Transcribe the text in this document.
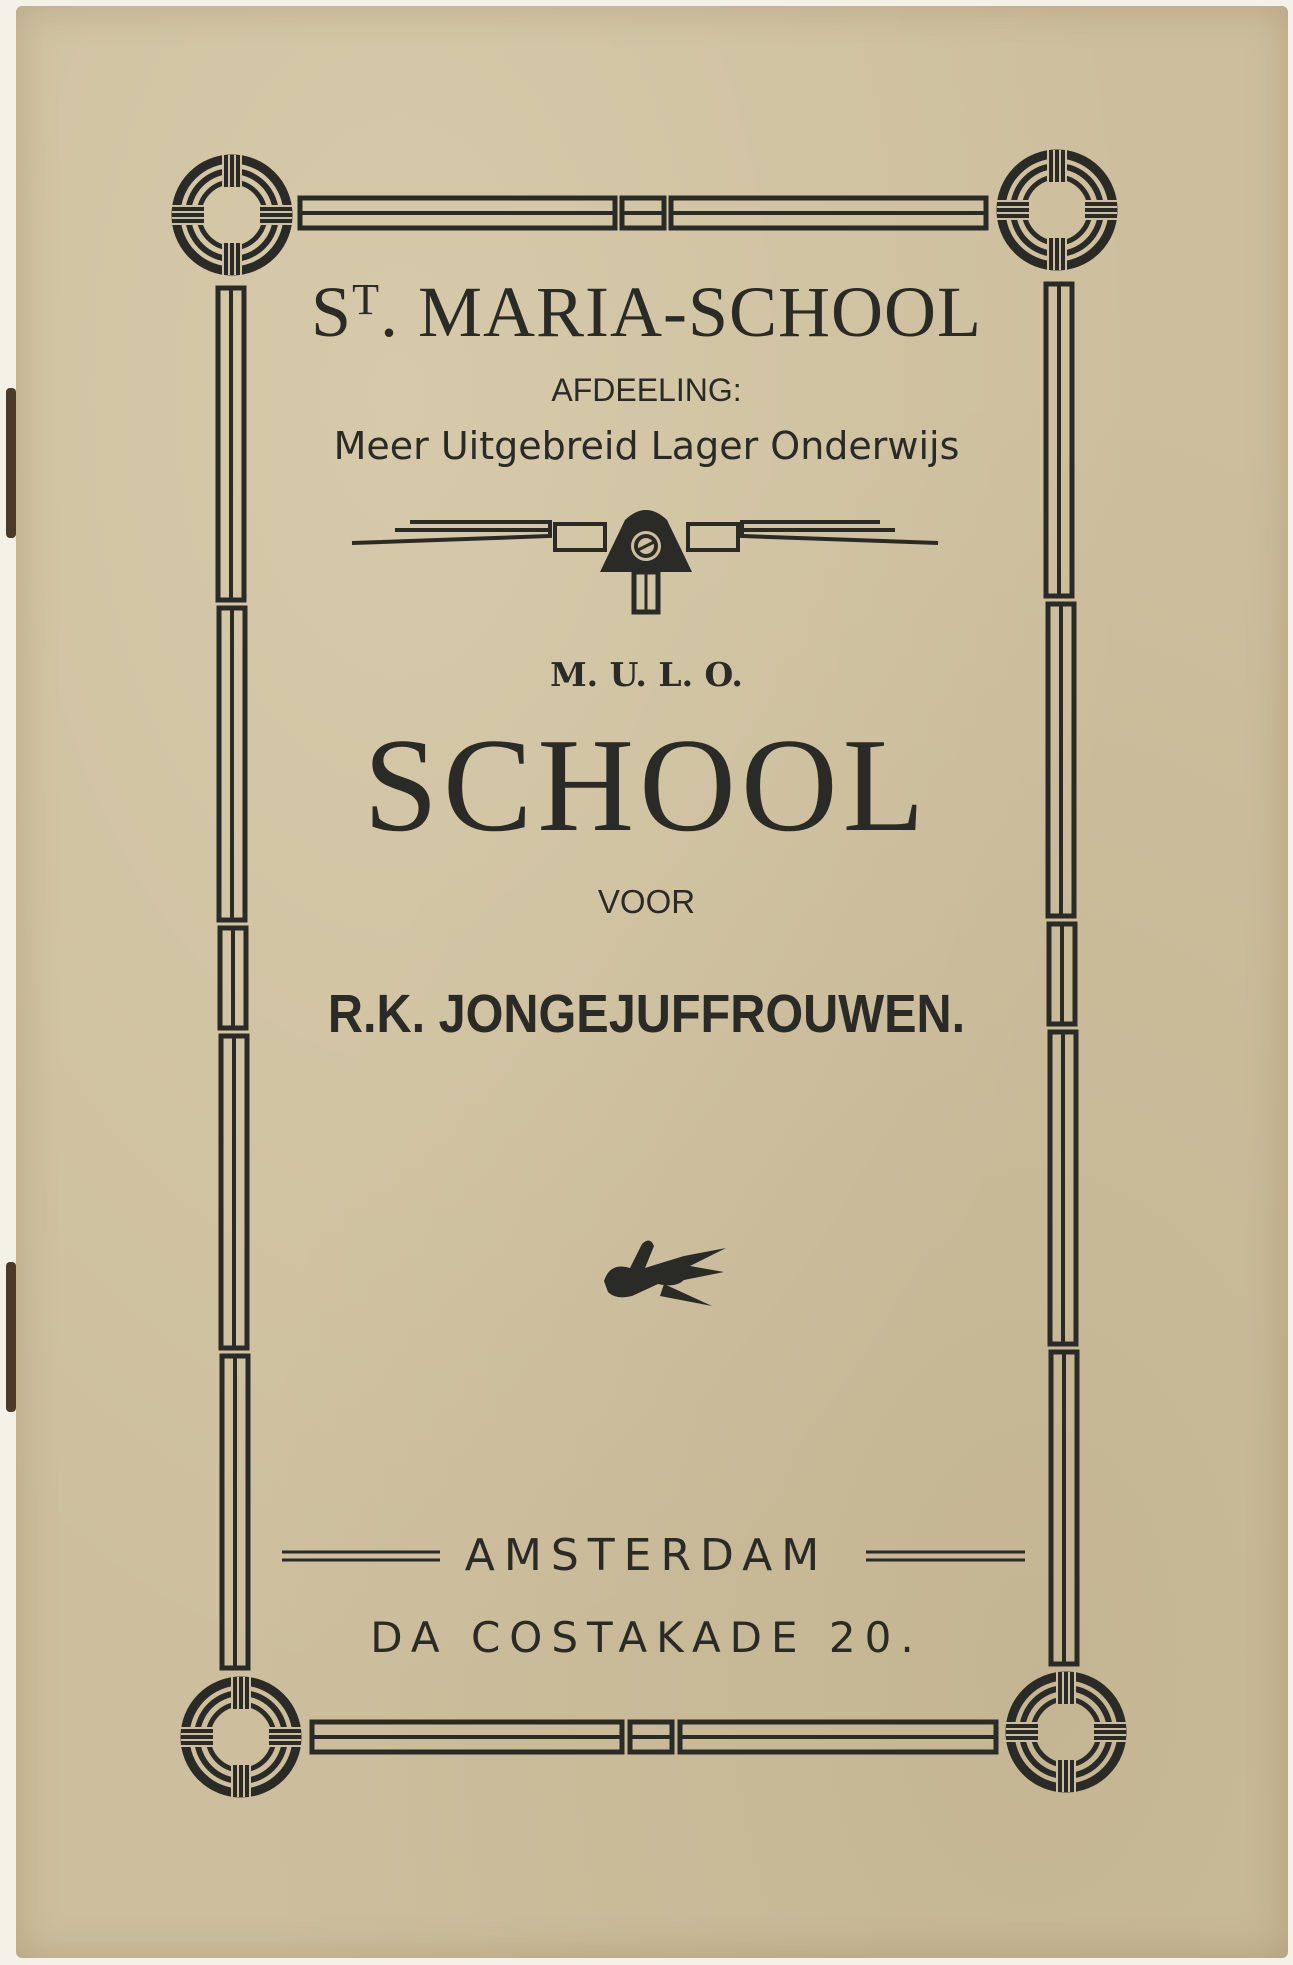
$S^T$. MARIA-SCHOOL

AFDEELING:

Meer Uitgebreid Lager Onderwijs

M. U. L. O.

SCHOOL

VOOR

R.K. JONGEJUFFROUWEN.

AMSTERDAM

DA COSTAKADE 20.
